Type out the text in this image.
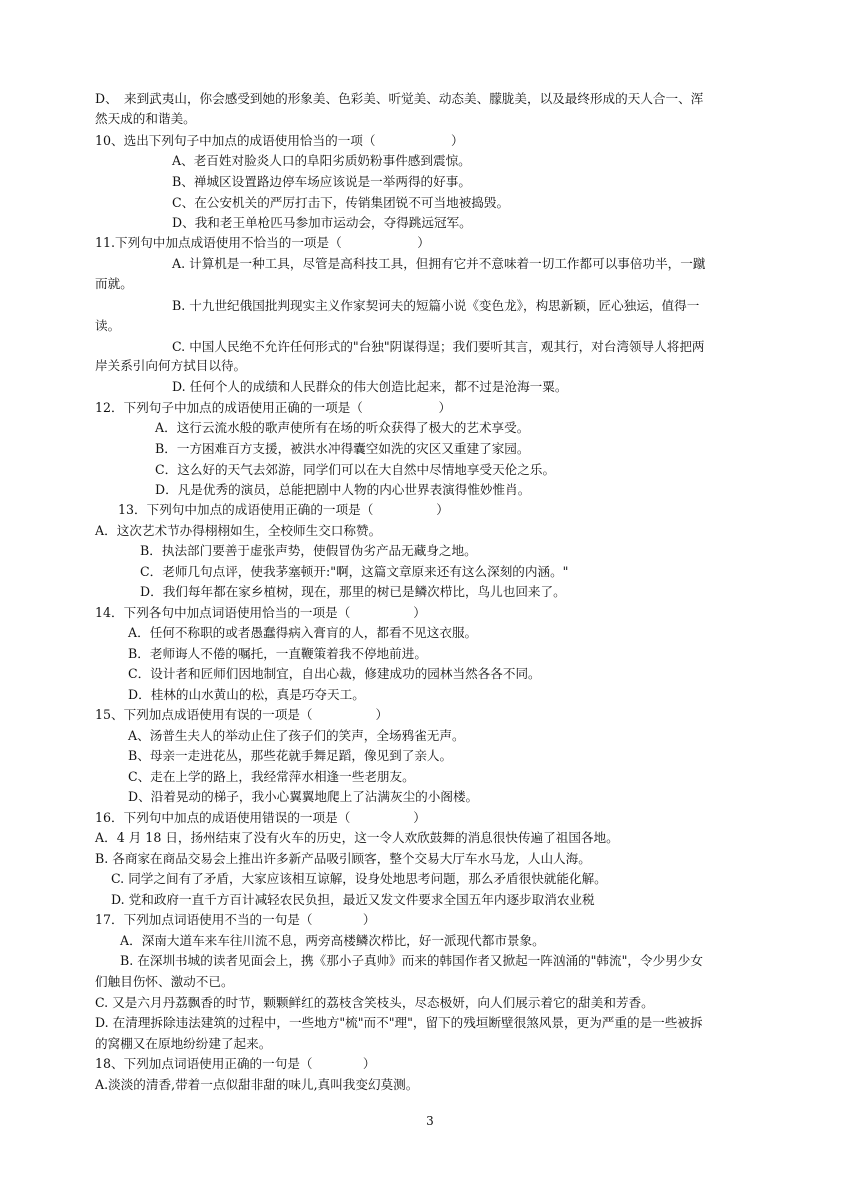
D、　来到武夷山，你会感受到她的形象美、色彩美、听觉美、动态美、朦胧美，以及最终形成的天人合一、浑
然天成的和谐美。
10、选出下列句子中加点的成语使用恰当的一项（　　　　　　）
A、老百姓对脸炎人口的阜阳劣质奶粉事件感到震惊。
B、禅城区设置路边停车场应该说是一举两得的好事。
C、在公安机关的严厉打击下，传销集团锐不可当地被捣毁。
D、我和老王单枪匹马参加市运动会，夺得跳远冠军。
11.下列句中加点成语使用不恰当的一项是（　　　　　　）
A. 计算机是一种工具，尽管是高科技工具，但拥有它并不意味着一切工作都可以事倍功半，一蹴
而就。
B. 十九世纪俄国批判现实主义作家契诃夫的短篇小说《变色龙》，构思新颖，匠心独运，值得一
读。
C. 中国人民绝不允许任何形式的"台独"阴谋得逞；我们要听其言，观其行，对台湾领导人将把两
岸关系引向何方拭目以待。
D. 任何个人的成绩和人民群众的伟大创造比起来，都不过是沧海一粟。
12．下列句子中加点的成语使用正确的一项是（　　　　　　）
A．这行云流水般的歌声使所有在场的听众获得了极大的艺术享受。
B．一方困难百方支援，被洪水冲得囊空如洗的灾区又重建了家园。
C．这么好的天气去郊游，同学们可以在大自然中尽情地享受天伦之乐。
D．凡是优秀的演员，总能把剧中人物的内心世界表演得惟妙惟肖。
13．下列句中加点的成语使用正确的一项是（　　　　　）
A．这次艺术节办得栩栩如生，全校师生交口称赞。
B．执法部门要善于虚张声势，使假冒伪劣产品无藏身之地。
C．老师几句点评，使我茅塞顿开:"啊，这篇文章原来还有这么深刻的内涵。"
D．我们每年都在家乡植树，现在，那里的树已是鳞次栉比，鸟儿也回来了。
14．下列各句中加点词语使用恰当的一项是（　　　　　）
A．任何不称职的或者愚蠢得病入膏肓的人，都看不见这衣服。
B．老师诲人不倦的嘱托，一直鞭策着我不停地前进。
C．设计者和匠师们因地制宜，自出心裁，修建成功的园林当然各各不同。
D．桂林的山水黄山的松，真是巧夺天工。
15、下列加点成语使用有误的一项是（　　　　　）
A、汤普生夫人的举动止住了孩子们的笑声，全场鸦雀无声。
B、母亲一走进花丛，那些花就手舞足蹈，像见到了亲人。
C、走在上学的路上，我经常萍水相逢一些老朋友。
D、沿着晃动的梯子，我小心翼翼地爬上了沾满灰尘的小阁楼。
16．下列句中加点的成语使用错误的一项是（　　　　　）
A．4 月 18 日，扬州结束了没有火车的历史，这一令人欢欣鼓舞的消息很快传遍了祖国各地。
B. 各商家在商品交易会上推出许多新产品吸引顾客，整个交易大厅车水马龙，人山人海。
C. 同学之间有了矛盾，大家应该相互谅解，设身处地思考问题，那么矛盾很快就能化解。
D. 党和政府一直千方百计减轻农民负担，最近又发文件要求全国五年内逐步取消农业税
17．下列加点词语使用不当的一句是（　　　　）
A．深南大道车来车往川流不息，两旁高楼鳞次栉比，好一派现代都市景象。
B. 在深圳书城的读者见面会上，携《那小子真帅》而来的韩国作者又掀起一阵汹涌的"韩流"，令少男少女
们触目伤怀、激动不已。
C. 又是六月丹荔飘香的时节，颗颗鲜红的荔枝含笑枝头，尽态极妍，向人们展示着它的甜美和芳香。
D. 在清理拆除违法建筑的过程中，一些地方"梳"而不"理"，留下的残垣断壁很煞风景，更为严重的是一些被拆
的窝棚又在原地纷纷建了起来。
18、下列加点词语使用正确的一句是（　　　　）
A.淡淡的清香,带着一点似甜非甜的味儿,真叫我变幻莫测。
3
